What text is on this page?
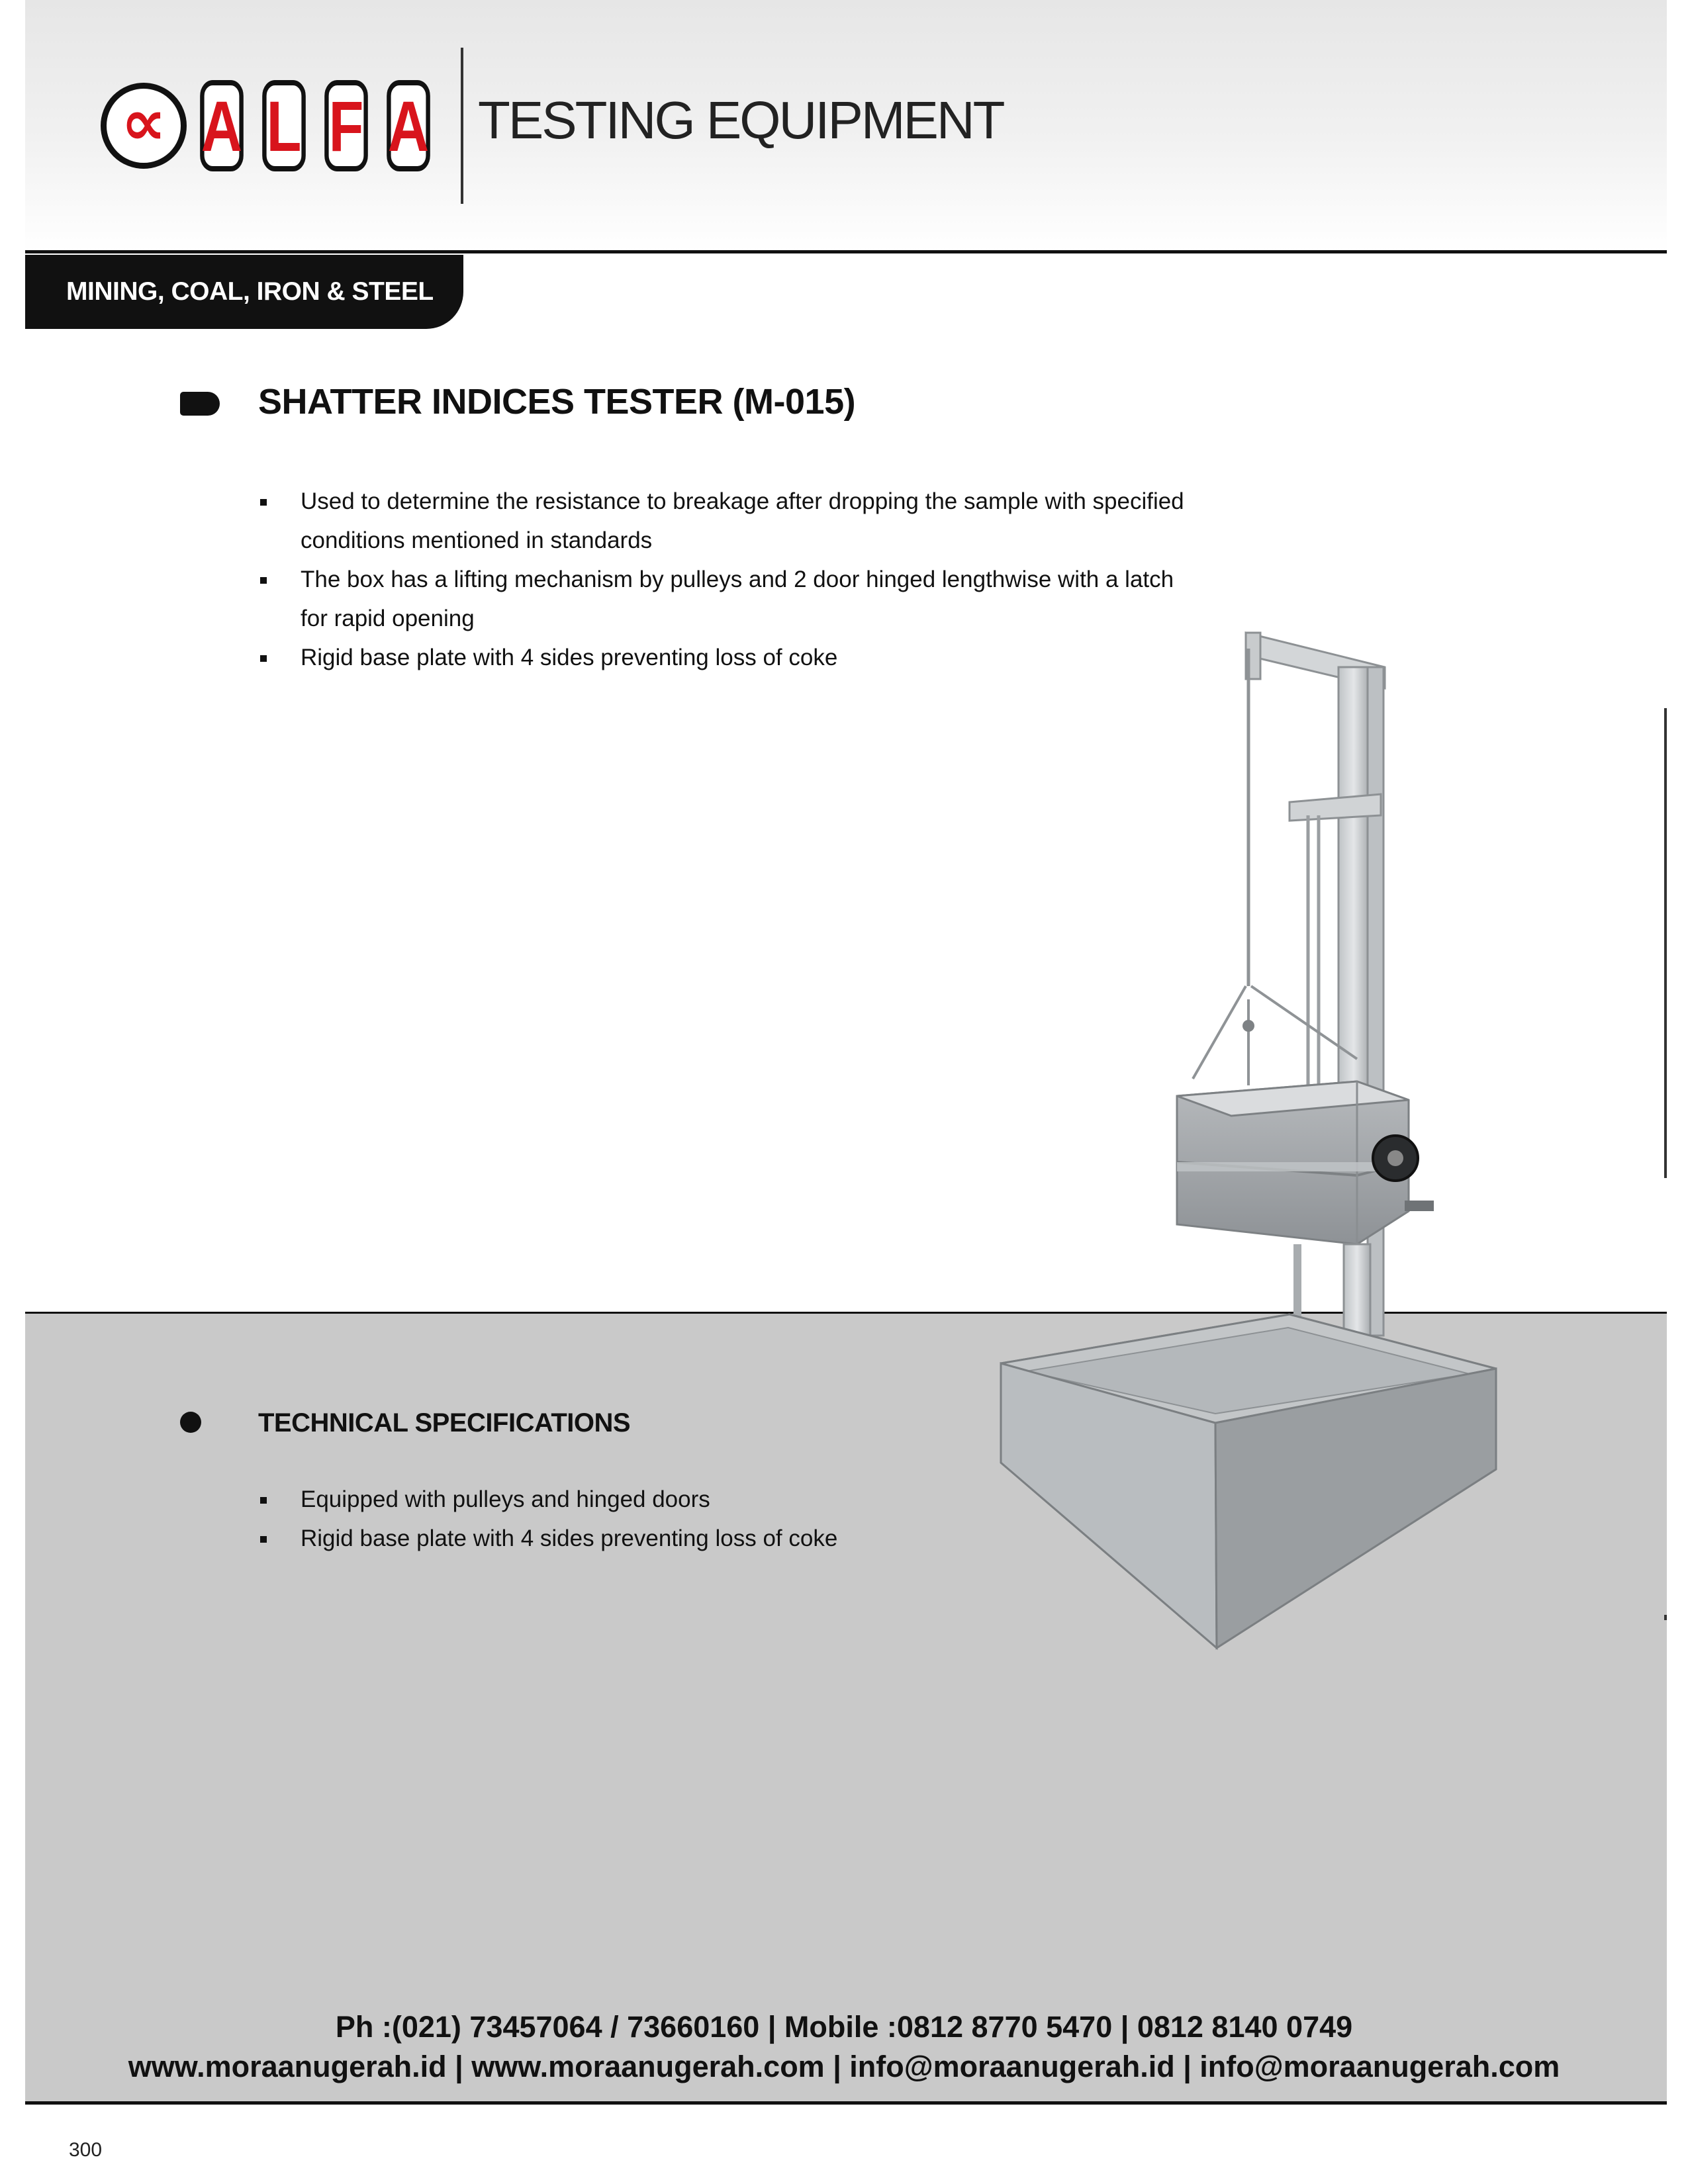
∝ A L F A TESTING EQUIPMENT
MINING, COAL, IRON & STEEL
SHATTER INDICES TESTER (M-015)
Used to determine the resistance to breakage after dropping the sample with specified conditions mentioned in standards
The box has a lifting mechanism by pulleys and 2 door hinged lengthwise with a latch for rapid opening
Rigid base plate with 4 sides preventing loss of coke
TECHNICAL SPECIFICATIONS
Equipped with pulleys and hinged doors
Rigid base plate with 4 sides preventing loss of coke
Ph :(021) 73457064 / 73660160 | Mobile :0812 8770 5470 | 0812 8140 0749
www.moraanugerah.id | www.moraanugerah.com | info@moraanugerah.id | info@moraanugerah.com
300
